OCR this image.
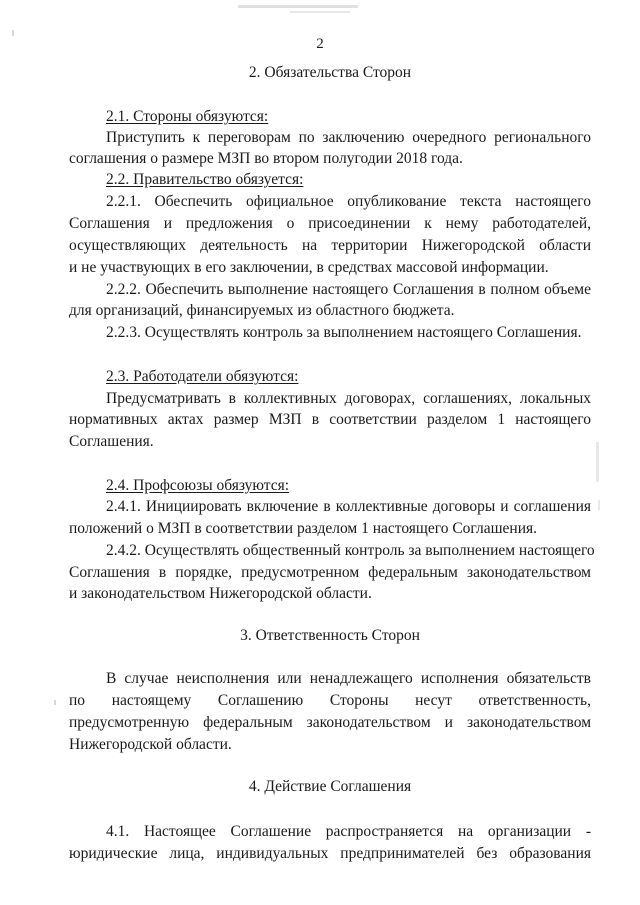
2
2. Обязательства Сторон
2.1. Стороны обязуются:
Приступить к переговорам по заключению очередного регионального
соглашения о размере МЗП во втором полугодии 2018 года.
2.2. Правительство обязуется:
2.2.1. Обеспечить официальное опубликование текста настоящего
Соглашения и предложения о присоединении к нему работодателей,
осуществляющих деятельность на территории Нижегородской области
и не участвующих в его заключении, в средствах массовой информации.
2.2.2. Обеспечить выполнение настоящего Соглашения в полном объеме
для организаций, финансируемых из областного бюджета.
2.2.3. Осуществлять контроль за выполнением настоящего Соглашения.
2.3. Работодатели обязуются:
Предусматривать в коллективных договорах, соглашениях, локальных
нормативных актах размер МЗП в соответствии разделом 1 настоящего
Соглашения.
2.4. Профсоюзы обязуются:
2.4.1. Инициировать включение в коллективные договоры и соглашения
положений о МЗП в соответствии разделом 1 настоящего Соглашения.
2.4.2. Осуществлять общественный контроль за выполнением настоящего
Соглашения в порядке, предусмотренном федеральным законодательством
и законодательством Нижегородской области.
3. Ответственность Сторон
В случае неисполнения или ненадлежащего исполнения обязательств
по настоящему Соглашению Стороны несут ответственность,
предусмотренную федеральным законодательством и законодательством
Нижегородской области.
4. Действие Соглашения
4.1. Настоящее Соглашение распространяется на организации -
юридические лица, индивидуальных предпринимателей без образования
